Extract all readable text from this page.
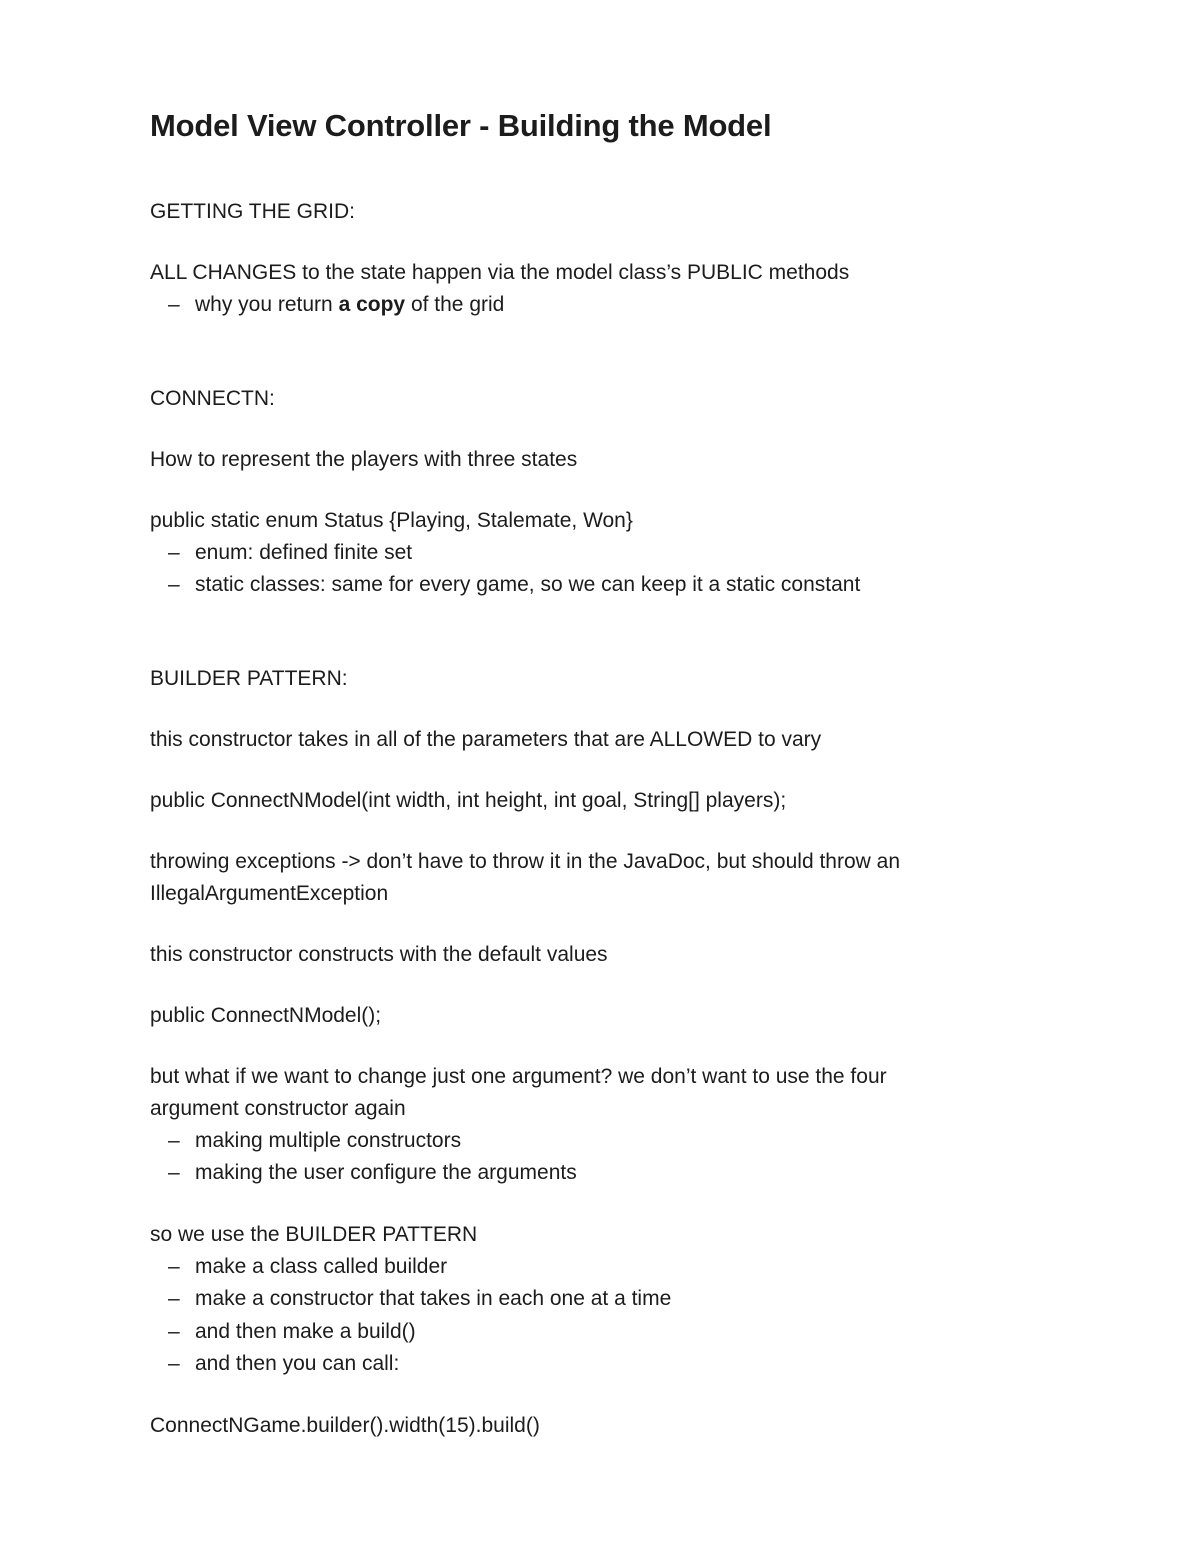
Model View Controller - Building the Model

GETTING THE GRID:

ALL CHANGES to the state happen via the model class’s PUBLIC methods

– why you return a copy of the grid

CONNECTN:

How to represent the players with three states

public static enum Status {Playing, Stalemate, Won}

– enum: defined finite set
– static classes: same for every game, so we can keep it a static constant

BUILDER PATTERN:

this constructor takes in all of the parameters that are ALLOWED to vary

public ConnectNModel(int width, int height, int goal, String[] players);

throwing exceptions -> don’t have to throw it in the JavaDoc, but should throw an

IllegalArgumentException

this constructor constructs with the default values

public ConnectNModel();

but what if we want to change just one argument? we don’t want to use the four

argument constructor again

– making multiple constructors
– making the user configure the arguments

so we use the BUILDER PATTERN

– make a class called builder
– make a constructor that takes in each one at a time
– and then make a build()
– and then you can call:

ConnectNGame.builder().width(15).build()
